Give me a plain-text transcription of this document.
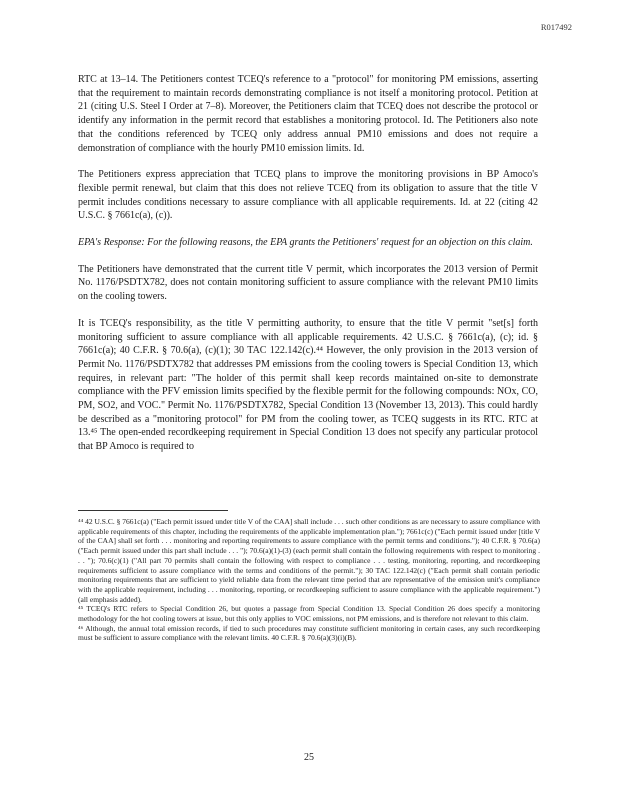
R017492

RTC at 13–14. The Petitioners contest TCEQ's reference to a "protocol" for monitoring PM emissions, asserting that the requirement to maintain records demonstrating compliance is not itself a monitoring protocol. Petition at 21 (citing U.S. Steel I Order at 7–8). Moreover, the Petitioners claim that TCEQ does not describe the protocol or identify any information in the permit record that establishes a monitoring protocol. Id. The Petitioners also note that the conditions referenced by TCEQ only address annual PM10 emissions and does not require a demonstration of compliance with the hourly PM10 emission limits. Id.

The Petitioners express appreciation that TCEQ plans to improve the monitoring provisions in BP Amoco's flexible permit renewal, but claim that this does not relieve TCEQ from its obligation to assure that the title V permit includes conditions necessary to assure compliance with all applicable requirements. Id. at 22 (citing 42 U.S.C. § 7661c(a), (c)).

EPA's Response: For the following reasons, the EPA grants the Petitioners' request for an objection on this claim.

The Petitioners have demonstrated that the current title V permit, which incorporates the 2013 version of Permit No. 1176/PSDTX782, does not contain monitoring sufficient to assure compliance with the relevant PM10 limits on the cooling towers.

It is TCEQ's responsibility, as the title V permitting authority, to ensure that the title V permit "set[s] forth monitoring sufficient to assure compliance with all applicable requirements. 42 U.S.C. § 7661c(a), (c); id. § 7661c(a); 40 C.F.R. § 70.6(a), (c)(1); 30 TAC 122.142(c).⁴⁴ However, the only provision in the 2013 version of Permit No. 1176/PSDTX782 that addresses PM emissions from the cooling towers is Special Condition 13, which requires, in relevant part: "The holder of this permit shall keep records maintained on-site to demonstrate compliance with the PFV emission limits specified by the flexible permit for the following compounds: NOx, CO, PM, SO2, and VOC." Permit No. 1176/PSDTX782, Special Condition 13 (November 13, 2013). This could hardly be described as a "monitoring protocol" for PM from the cooling tower, as TCEQ suggests in its RTC. RTC at 13.⁴⁵ The open-ended recordkeeping requirement in Special Condition 13 does not specify any particular protocol that BP Amoco is required to

⁴⁴ 42 U.S.C. § 7661c(a) ("Each permit issued under title V of the CAA] shall include . . . such other conditions as are necessary to assure compliance with applicable requirements of this chapter, including the requirements of the applicable implementation plan."); 7661c(c) ("Each permit issued under [title V of the CAA] shall set forth . . . monitoring and reporting requirements to assure compliance with the permit terms and conditions."); 40 C.F.R. § 70.6(a) ("Each permit issued under this part shall include . . . "); 70.6(a)(1)-(3) (each permit shall contain the following requirements with respect to monitoring . . . "); 70.6(c)(1) ("All part 70 permits shall contain the following with respect to compliance . . . testing, monitoring, reporting, and recordkeeping requirements sufficient to assure compliance with the terms and conditions of the permit."); 30 TAC 122.142(c) ("Each permit shall contain periodic monitoring requirements that are sufficient to yield reliable data from the relevant time period that are representative of the emission unit's compliance with the applicable requirement, including . . . monitoring, reporting, or recordkeeping sufficient to assure compliance with the applicable requirement.") (all emphasis added).

⁴⁵ TCEQ's RTC refers to Special Condition 26, but quotes a passage from Special Condition 13. Special Condition 26 does specify a monitoring methodology for the hot cooling towers at issue, but this only applies to VOC emissions, not PM emissions, and is therefore not relevant to this claim.

⁴⁶ Although, the annual total emission records, if tied to such procedures may constitute sufficient monitoring in certain cases, any such recordkeeping must be sufficient to assure compliance with the relevant limits. 40 C.F.R. § 70.6(a)(3)(i)(B).

25
